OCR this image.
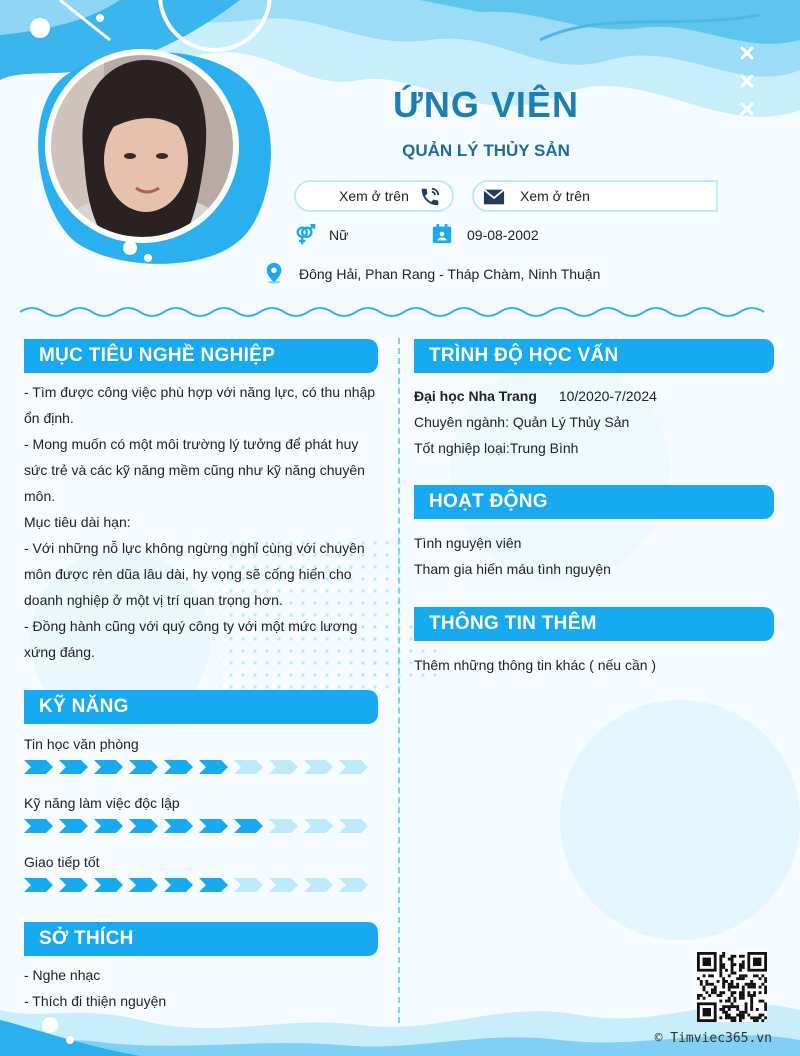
ỨNG VIÊN
QUẢN LÝ THỦY SẢN
Xem ở trên	Xem ở trên
Nữ	09-08-2002
Đông Hải, Phan Rang - Tháp Chàm, Ninh Thuận
MỤC TIÊU NGHỀ NGHIỆP
- Tìm được công việc phù hợp với năng lực, có thu nhập
ổn định.
- Mong muốn có một môi trường lý tưởng để phát huy
sức trẻ và các kỹ năng mềm cũng như kỹ năng chuyên
môn.
Mục tiêu dài hạn:
- Với những nỗ lực không ngừng nghỉ cùng với chuyên
môn được rèn dũa lâu dài, hy vọng sẽ cống hiến cho
doanh nghiệp ở một vị trí quan trọng hơn.
- Đồng hành cũng với quý công ty với một mức lương
xứng đáng.
KỸ NĂNG
Tin học văn phòng
Kỹ năng làm việc độc lập
Giao tiếp tốt
SỞ THÍCH
- Nghe nhạc
- Thích đi thiện nguyện
TRÌNH ĐỘ HỌC VẤN
Đại học Nha Trang 10/2020-7/2024
Chuyên ngành: Quản Lý Thủy Sản
Tốt nghiệp loại:Trung Bình
HOẠT ĐỘNG
Tình nguyện viên
Tham gia hiến máu tình nguyện
THÔNG TIN THÊM
Thêm những thông tin khác ( nếu cần )
© Timviec365.vn
